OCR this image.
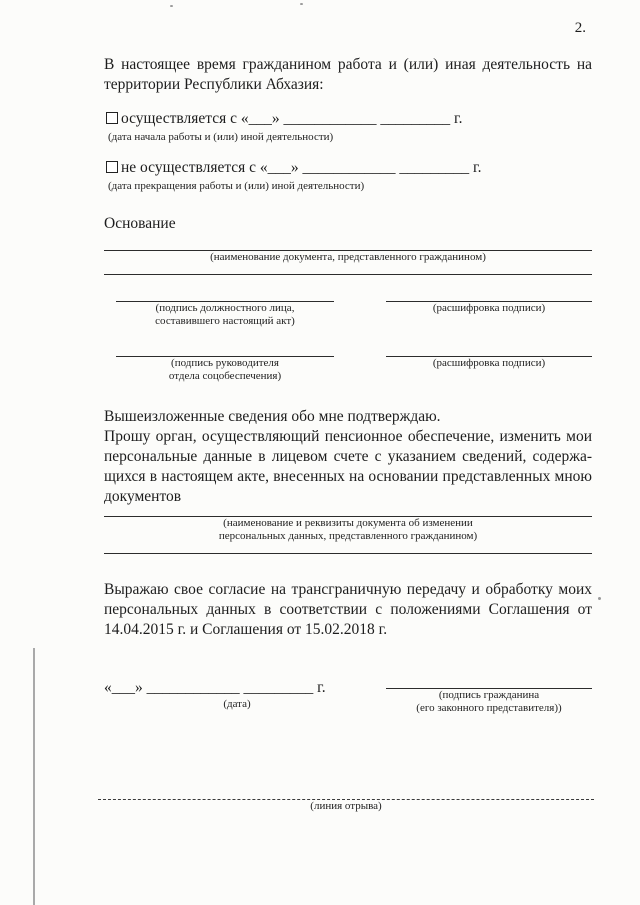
2.
В настоящее время гражданином работа и (или) иная деятельность на
территории Республики Абхазия:
осуществляется с «___» ____________ _________ г.
(дата начала работы и (или) иной деятельности)
не осуществляется с «___» ____________ _________ г.
(дата прекращения работы и (или) иной деятельности)
Основание
(наименование документа, представленного гражданином)
(подпись должностного лица,
составившего настоящий акт)
(расшифровка подписи)
(подпись руководителя
отдела соцобеспечения)
(расшифровка подписи)
Вышеизложенные сведения обо мне подтверждаю.
Прошу орган, осуществляющий пенсионное обеспечение, изменить мои
персональные данные в лицевом счете с указанием сведений, содержа-
щихся в настоящем акте, внесенных на основании представленных мною
документов
(наименование и реквизиты документа об изменении
персональных данных, представленного гражданином)
Выражаю свое согласие на трансграничную передачу и обработку моих
персональных данных в соответствии с положениями Соглашения от
14.04.2015 г. и Соглашения от 15.02.2018 г.
«___» ____________ _________ г.
(дата)
(подпись гражданина
(его законного представителя))
(линия отрыва)
